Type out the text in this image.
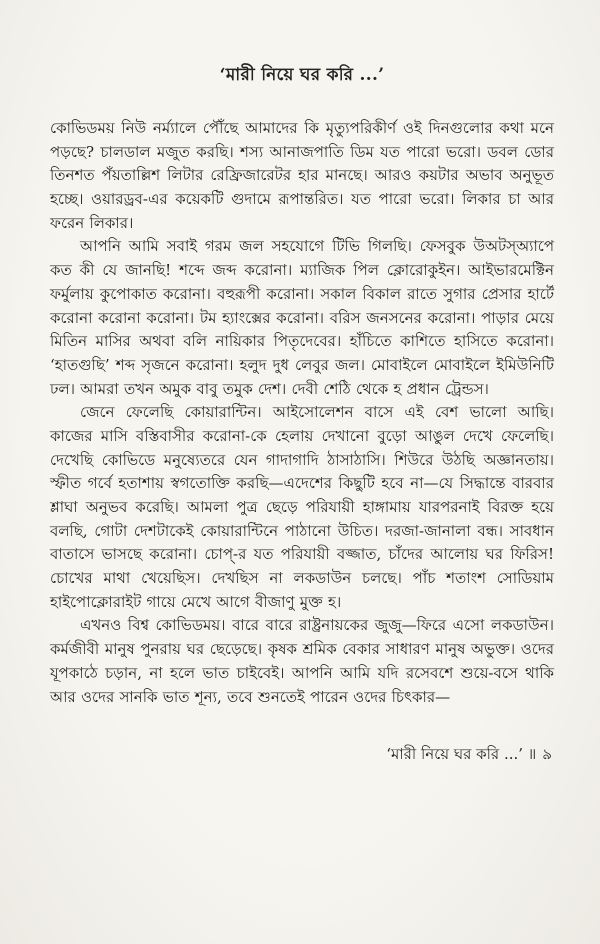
‘মারী নিয়ে ঘর করি ...’

কোভিডময় নিউ নর্ম্যালে পৌঁছে আমাদের কি মৃত্যুপরিকীর্ণ ওই দিনগুলোর কথা মনে পড়ছে? চালডাল মজুত করছি। শস্য আনাজপাতি ডিম যত পারো ভরো। ডবল ডোর তিনশত পঁয়তাল্লিশ লিটার রেফ্রিজারেটর হার মানছে। আরও কয়টার অভাব অনুভূত হচ্ছে। ওয়ারড্রব-এর কয়েকটি গুদামে রূপান্তরিত। যত পারো ভরো। লিকার চা আর ফরেন লিকার।

আপনি আমি সবাই গরম জল সহযোগে টিভি গিলছি। ফেসবুক উঅটস্অ্যাপে কত কী যে জানছি! শব্দে জব্দ করোনা। ম্যাজিক পিল ক্লোরোকুইন। আইভারমেক্টিন ফর্মুলায় কুপোকাত করোনা। বহুরূপী করোনা। সকাল বিকাল রাতে সুগার প্রেসার হার্টে করোনা করোনা করোনা। টম হ্যাংক্সের করোনা। বরিস জনসনের করোনা। পাড়ার মেয়ে মিতিন মাসির অথবা বলি নায়িকার পিতৃদেবের। হাঁচিতে কাশিতে হাসিতে করোনা। ‘হাতগুছি’ শব্দ সৃজনে করোনা। হলুদ দুধ লেবুর জল। মোবাইলে মোবাইলে ইমিউনিটি ঢল। আমরা তখন অমুক বাবু তমুক দেশ। দেবী শেঠি থেকে হ প্রধান ট্রেন্ডস।

জেনে ফেলেছি কোয়ারান্টিন। আইসোলেশন বাসে এই বেশ ভালো আছি। কাজের মাসি বস্তিবাসীর করোনা-কে হেলায় দেখানো বুড়ো আঙুল দেখে ফেলেছি। দেখেছি কোভিডে মনুষ্যেতরে যেন গাদাগাদি ঠাসাঠাসি। শিউরে উঠছি অজ্ঞানতায়। স্ফীত গর্বে হতাশায় স্বগতোক্তি করছি—এদেশের কিছুটি হবে না—যে সিদ্ধান্তে বারবার শ্লাঘা অনুভব করেছি। আমলা পুত্র ছেড়ে পরিযায়ী হাঙ্গামায় যারপরনাই বিরক্ত হয়ে বলছি, গোটা দেশটাকেই কোয়ারান্টিনে পাঠানো উচিত। দরজা-জানালা বন্ধ। সাবধান বাতাসে ভাসছে করোনা। চোপ্-র যত পরিযায়ী বজ্জাত, চাঁদের আলোয় ঘর ফিরিস! চোখের মাথা খেয়েছিস। দেখছিস না লকডাউন চলছে। পাঁচ শতাংশ সোডিয়াম হাইপোক্লোরাইট গায়ে মেখে আগে বীজাণু মুক্ত হ।

এখনও বিশ্ব কোভিডময়। বারে বারে রাষ্ট্রনায়কের জুজু—ফিরে এসো লকডাউন। কর্মজীবী মানুষ পুনরায় ঘর ছেড়েছে। কৃষক শ্রমিক বেকার সাধারণ মানুষ অভুক্ত। ওদের যূপকাঠে চড়ান, না হলে ভাত চাইবেই। আপনি আমি যদি রসেবশে শুয়ে-বসে থাকি আর ওদের সানকি ভাত শূন্য, তবে শুনতেই পারেন ওদের চিৎকার—

‘মারী নিয়ে ঘর করি ...’ ॥ ৯
